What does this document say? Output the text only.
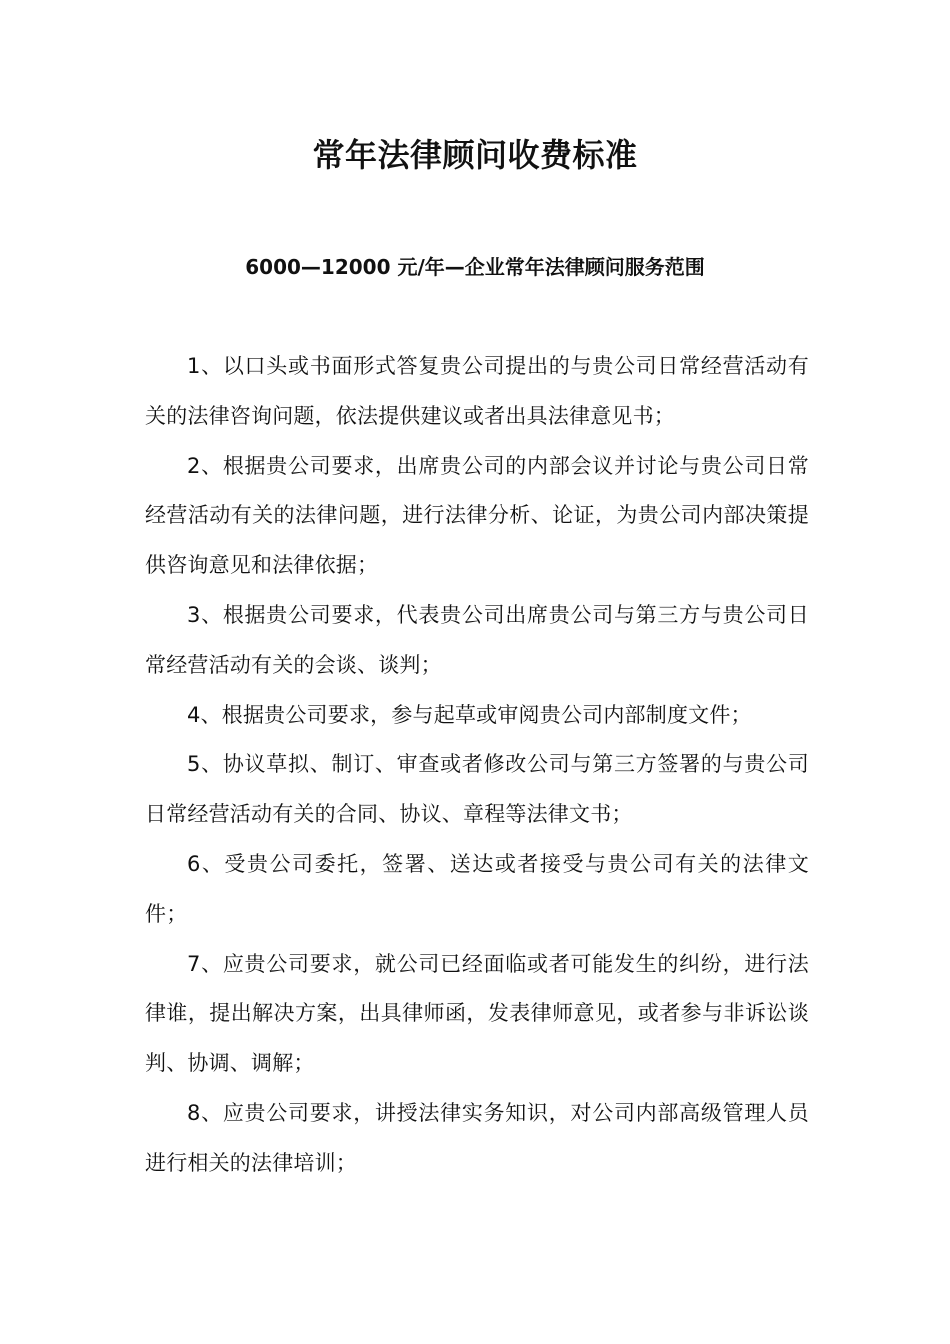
常年法律顾问收费标准
6000—12000 元/年—企业常年法律顾问服务范围

1、以口头或书面形式答复贵公司提出的与贵公司日常经营活动有关的法律咨询问题，依法提供建议或者出具法律意见书；

2、根据贵公司要求，出席贵公司的内部会议并讨论与贵公司日常经营活动有关的法律问题，进行法律分析、论证，为贵公司内部决策提供咨询意见和法律依据；

3、根据贵公司要求，代表贵公司出席贵公司与第三方与贵公司日常经营活动有关的会谈、谈判；

4、根据贵公司要求，参与起草或审阅贵公司内部制度文件；

5、协议草拟、制订、审查或者修改公司与第三方签署的与贵公司日常经营活动有关的合同、协议、章程等法律文书；

6、受贵公司委托，签署、送达或者接受与贵公司有关的法律文件；

7、应贵公司要求，就公司已经面临或者可能发生的纠纷，进行法律谁，提出解决方案，出具律师函，发表律师意见，或者参与非诉讼谈判、协调、调解；

8、应贵公司要求，讲授法律实务知识，对公司内部高级管理人员进行相关的法律培训；
